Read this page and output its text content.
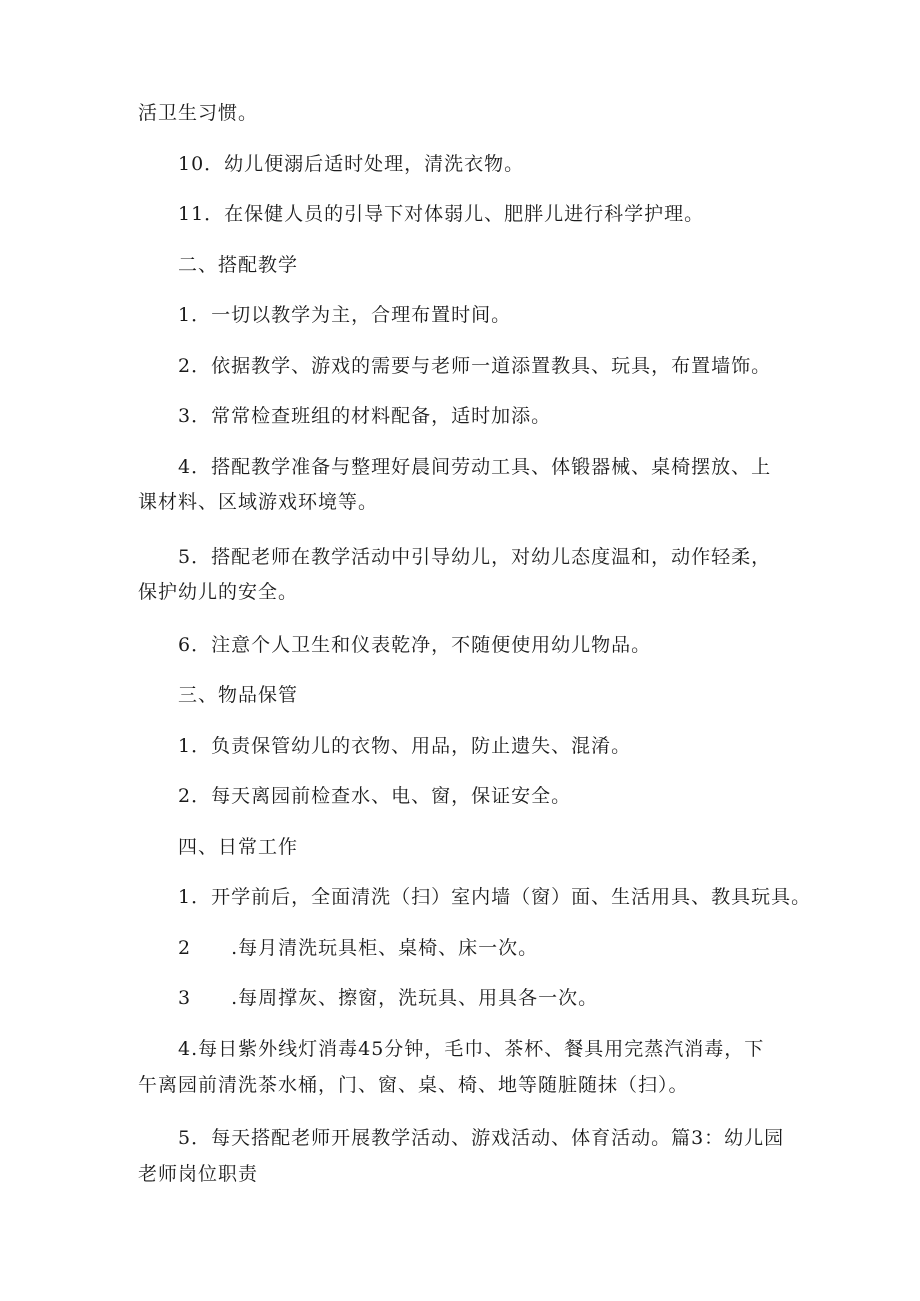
活卫生习惯。
10．幼儿便溺后适时处理，清洗衣物。
11．在保健人员的引导下对体弱儿、肥胖儿进行科学护理。
二、搭配教学
1．一切以教学为主，合理布置时间。
2．依据教学、游戏的需要与老师一道添置教具、玩具，布置墙饰。
3．常常检查班组的材料配备，适时加添。
4．搭配教学准备与整理好晨间劳动工具、体锻器械、桌椅摆放、上
课材料、区域游戏环境等。
5．搭配老师在教学活动中引导幼儿，对幼儿态度温和，动作轻柔，
保护幼儿的安全。
6．注意个人卫生和仪表乾净，不随便使用幼儿物品。
三、物品保管
1．负责保管幼儿的衣物、用品，防止遗失、混淆。
2．每天离园前检查水、电、窗，保证安全。
四、日常工作
1．开学前后，全面清洗（扫）室内墙（窗）面、生活用具、教具玩具。
2　　.每月清洗玩具柜、桌椅、床一次。
3　　.每周撑灰、擦窗，洗玩具、用具各一次。
4.每日紫外线灯消毒45分钟，毛巾、茶杯、餐具用完蒸汽消毒，下
午离园前清洗茶水桶，门、窗、桌、椅、地等随脏随抹（扫）。
5．每天搭配老师开展教学活动、游戏活动、体育活动。篇3：幼儿园
老师岗位职责
